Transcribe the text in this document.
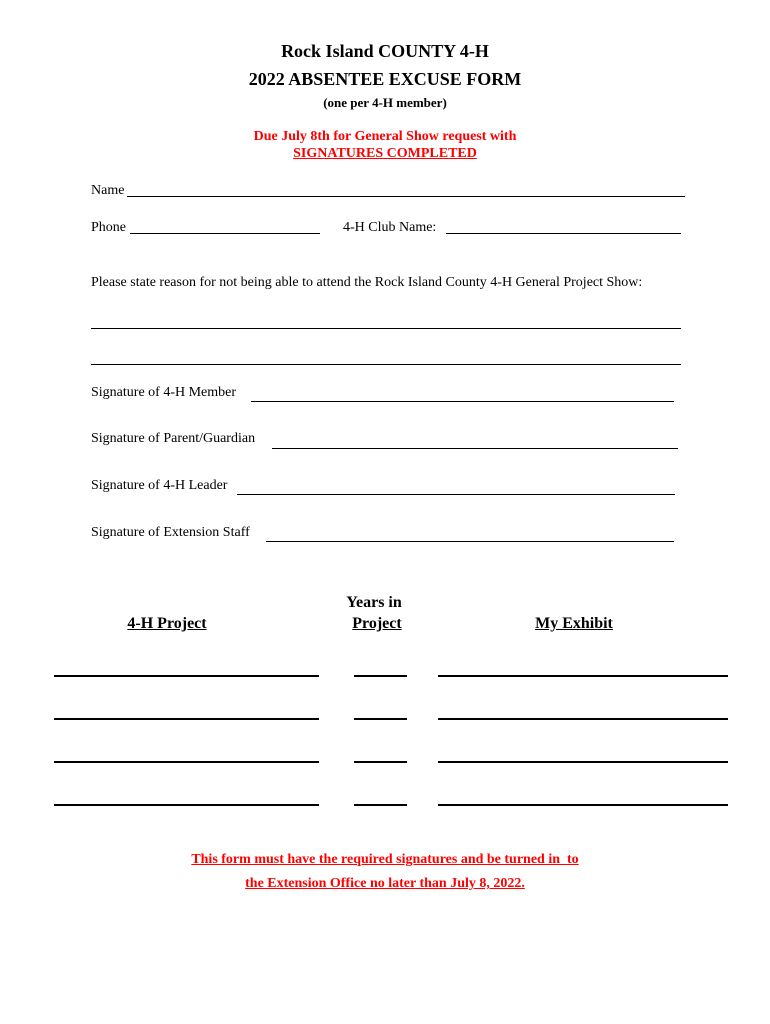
Rock Island COUNTY 4-H
2022 ABSENTEE EXCUSE FORM
(one per 4-H member)
Due July 8th for General Show request with
SIGNATURES COMPLETED
Name
Phone	4-H Club Name:
Please state reason for not being able to attend the Rock Island County 4-H General Project Show:
Signature of 4-H Member
Signature of Parent/Guardian
Signature of 4-H Leader
Signature of Extension Staff
4-H Project
Years in
Project	My Exhibit
This form must have the required signatures and be turned in  to
the Extension Office no later than July 8, 2022.
